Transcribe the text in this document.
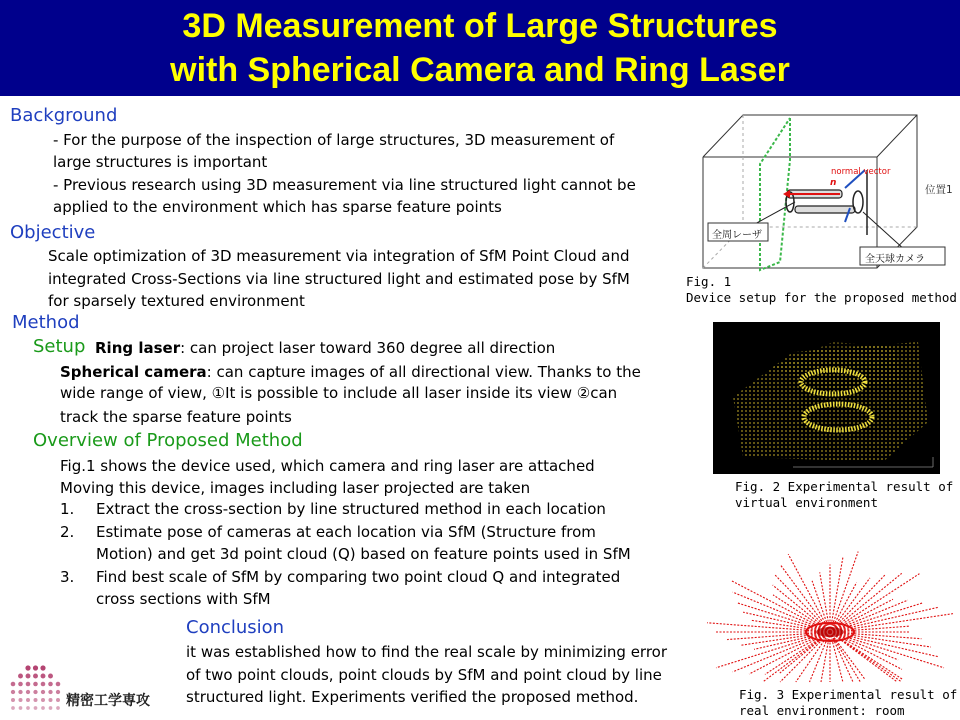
3D Measurement of Large Structures
with Spherical Camera and Ring Laser
Background
- For the purpose of the inspection of large structures, 3D measurement of
large structures is important
- Previous research using 3D measurement via line structured light cannot be
applied to the environment which has sparse feature points
Objective
Scale optimization of 3D measurement via integration of SfM Point Cloud and
integrated Cross-Sections via line structured light and estimated pose by SfM
for sparsely textured environment
Method
Setup Ring laser: can project laser toward 360 degree all direction
Spherical camera: can capture images of all directional view. Thanks to the
wide range of view, ①It is possible to include all laser inside its view ②can
track the sparse feature points
Overview of Proposed Method
Fig.1 shows the device used, which camera and ring laser are attached
Moving this device, images including laser projected are taken
1. Extract the cross-section by line structured method in each location
2. Estimate pose of cameras at each location via SfM (Structure from
Motion) and get 3d point cloud (Q) based on feature points used in SfM
3. Find best scale of SfM by comparing two point cloud Q and integrated
cross sections with SfM
Conclusion
it was established how to find the real scale by minimizing error
of two point clouds, point clouds by SfM and point cloud by line
structured light. Experiments verified the proposed method.
normal vector
n
位置1
全周レーザ
全天球カメラ
Fig. 1
Device setup for the proposed method
Fig. 2 Experimental result of
virtual environment
Fig. 3 Experimental result of
real environment: room
精密工学専攻
